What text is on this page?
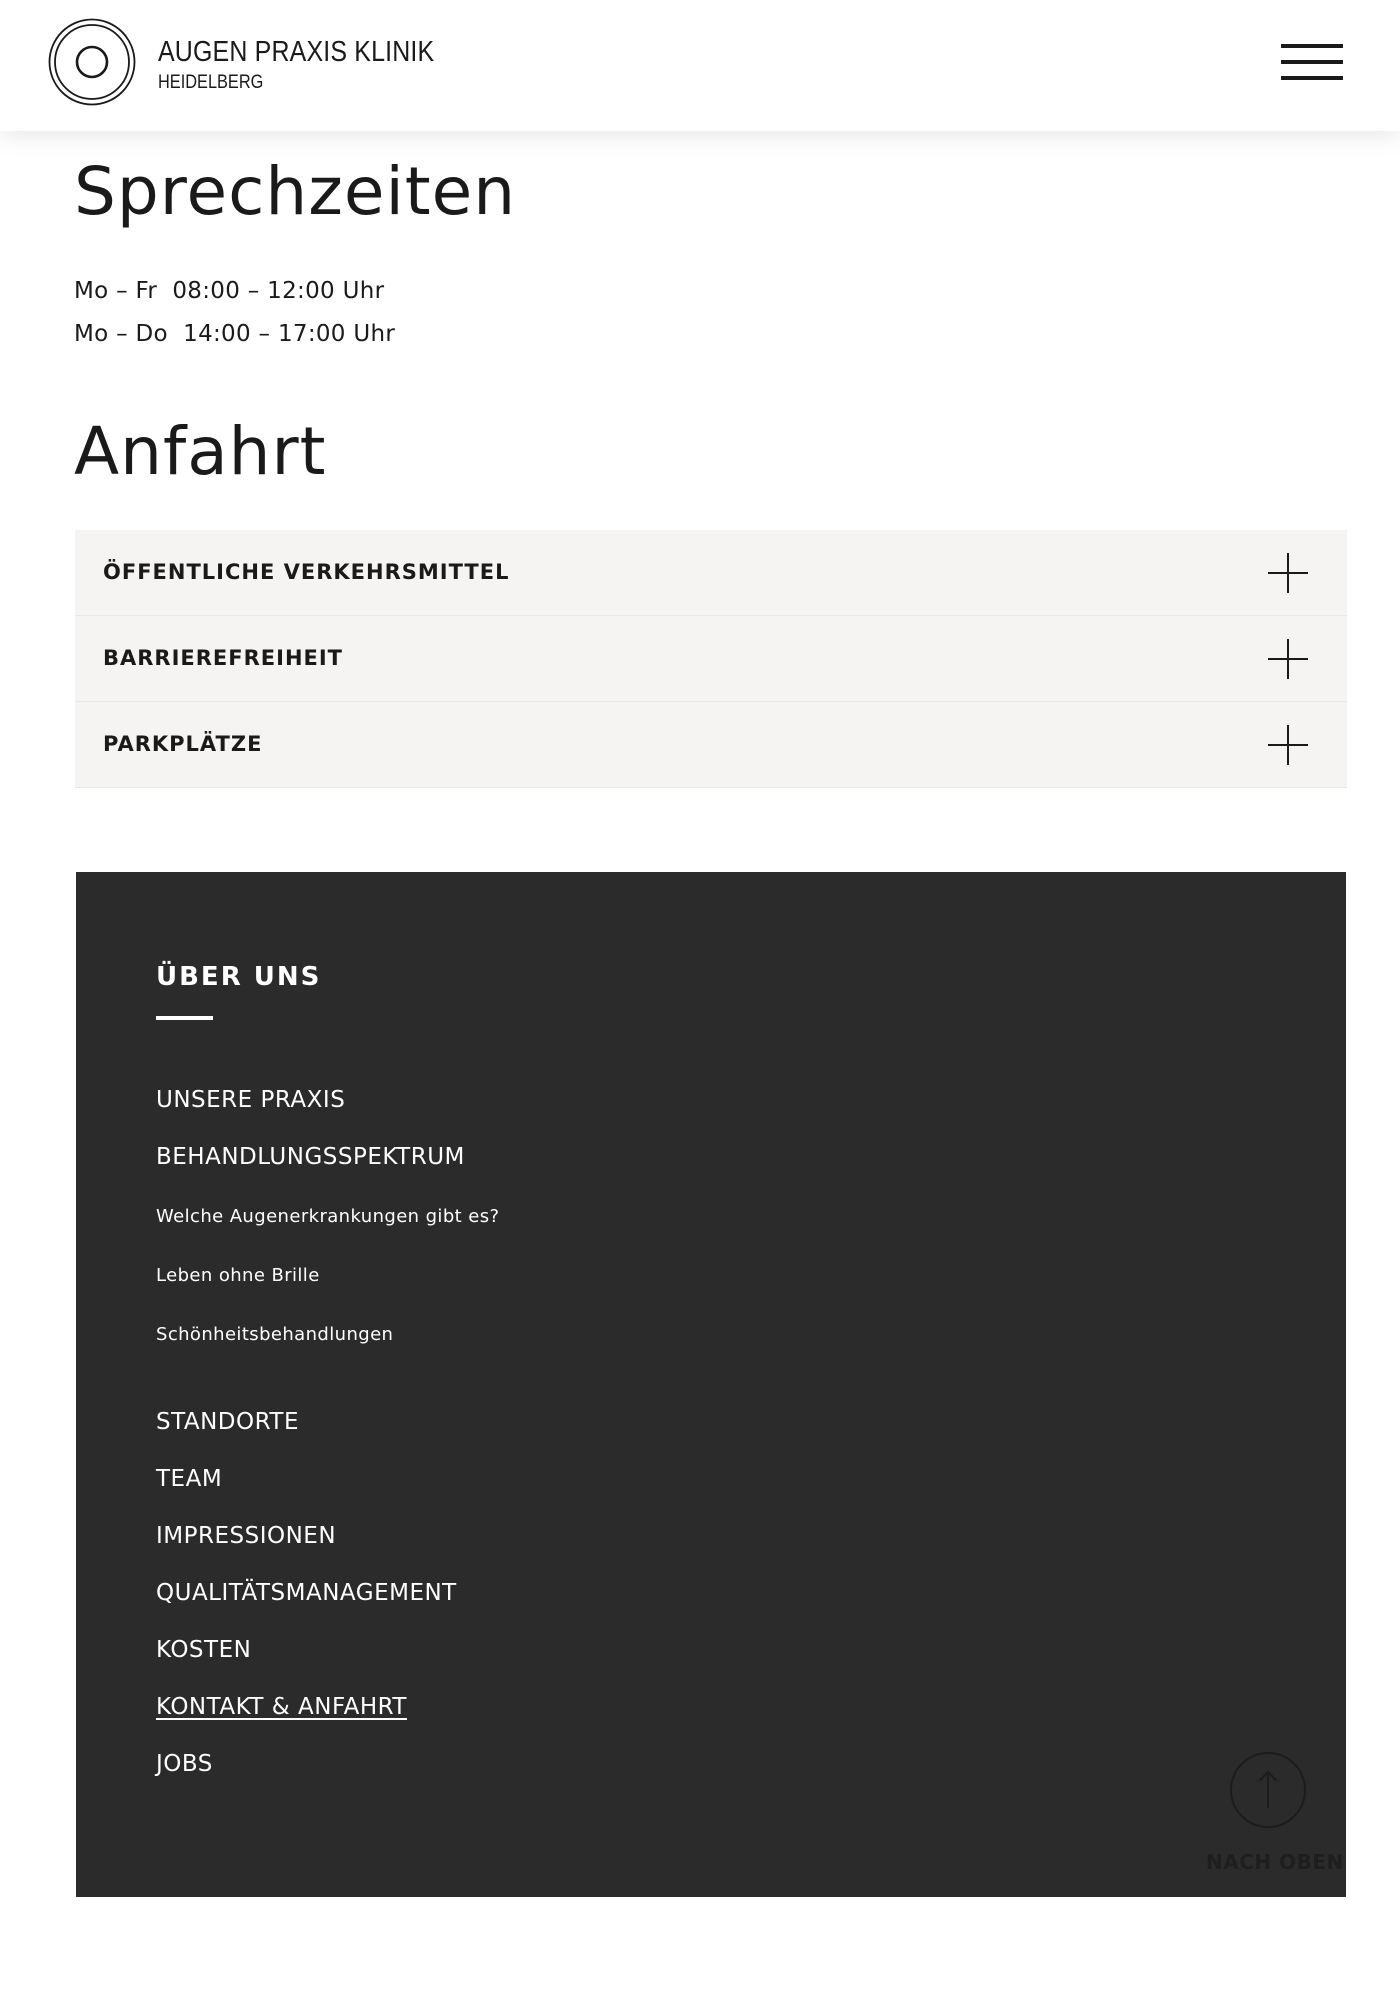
AUGEN PRAXIS KLINIK
HEIDELBERG
Sprechzeiten
Mo – Fr  08:00 – 12:00 Uhr
Mo – Do  14:00 – 17:00 Uhr
Anfahrt
ÖFFENTLICHE VERKEHRSMITTEL
BARRIEREFREIHEIT
PARKPLÄTZE
ÜBER UNS
UNSERE PRAXIS
BEHANDLUNGSSPEKTRUM
Welche Augenerkrankungen gibt es?
Leben ohne Brille
Schönheitsbehandlungen
STANDORTE
TEAM
IMPRESSIONEN
QUALITÄTSMANAGEMENT
KOSTEN
KONTAKT & ANFAHRT
JOBS
NACH OBEN
